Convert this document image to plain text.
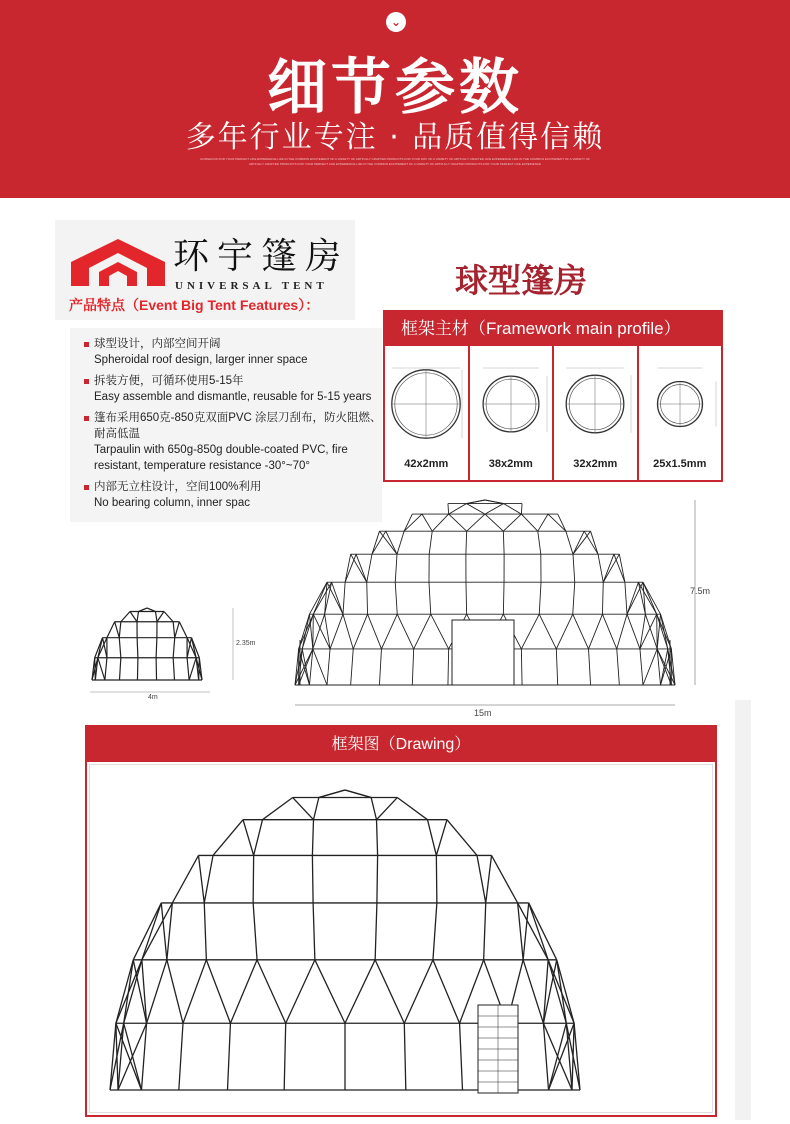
⌄
细节参数
多年行业专注 · 品质值得信赖
GORGEOUS FOR YOUR PERFECT LIFE EXPERIENCE LIFE IN THE COMMON EXCITEMENT OF A VARIETY OF ARTFULLY CRAFTED PRODUCTS FOR YOUR WAY OF A VARIETY OF ARTFULLY CRAFTED LIFE EXPERIENCE LIFE IN THE COMMON EXCITEMENT OF A VARIETY OF ARTFULLY CRAFTED PRODUCTS FOR YOUR PERFECT LIFE EXPERIENCE LIFE IN THE COMMON EXCITEMENT OF A VARIETY OF ARTFULLY CRAFTED PRODUCTS FOR YOUR PERFECT LIFE EXPERIENCE
环宇篷房
UNIVERSAL TENT
产品特点（Event Big Tent Features）：
球型设计，内部空间开阔
Spheroidal roof design, larger inner space
拆装方便，可循环使用5-15年
Easy assemble and dismantle, reusable for 5-15 years
篷布采用650克-850克双面PVC 涂层刀刮布，防火阻燃、耐高低温
Tarpaulin with 650g-850g double-coated PVC, fire resistant, temperature resistance -30°~70°
内部无立柱设计，空间100%利用
No bearing column, inner spac
球型篷房
框架主材（Framework main profile）
42x2mm	38x2mm	32x2mm	25x1.5mm
2.35m
4m
7.5m
15m
框架图（Drawing）
